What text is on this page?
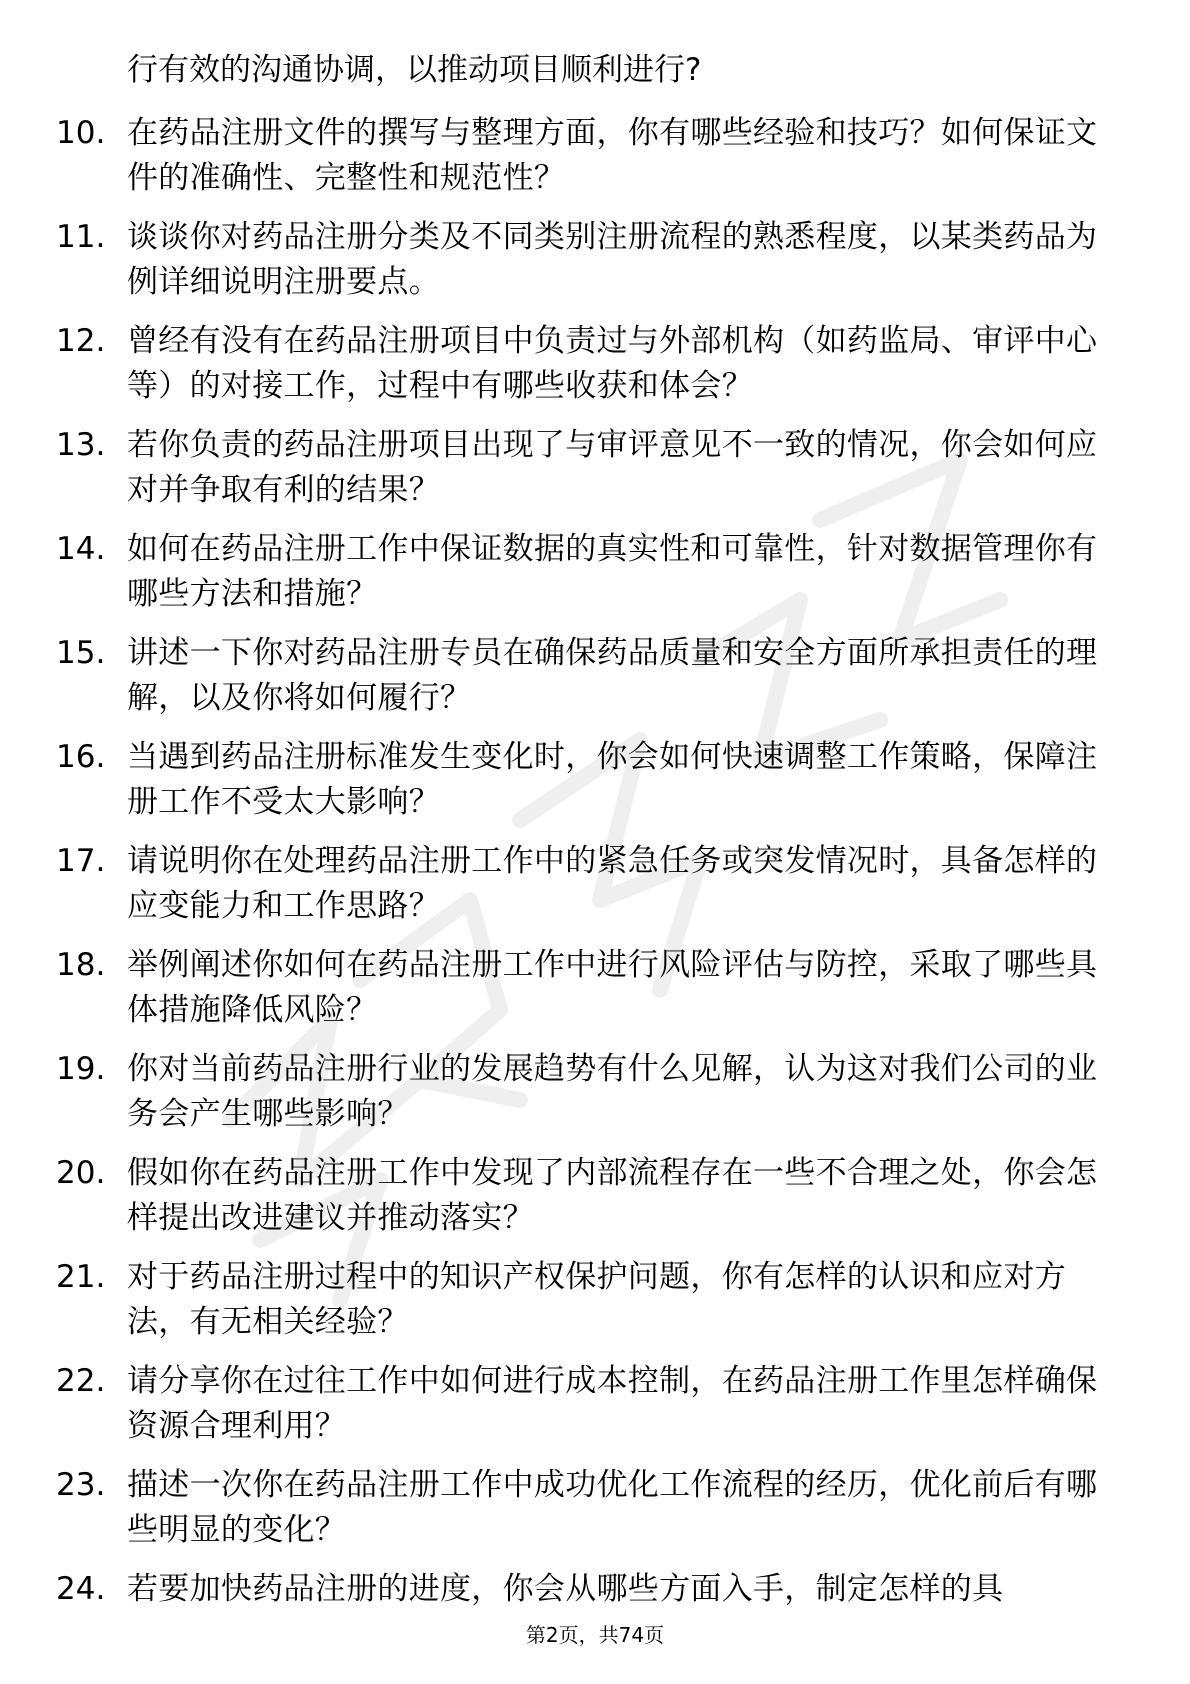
行有效的沟通协调，以推动项目顺利进行?
10. 在药品注册文件的撰写与整理方面，你有哪些经验和技巧？如何保证文件的准确性、完整性和规范性？
11. 谈谈你对药品注册分类及不同类别注册流程的熟悉程度，以某类药品为例详细说明注册要点。
12. 曾经有没有在药品注册项目中负责过与外部机构（如药监局、审评中心等）的对接工作，过程中有哪些收获和体会？
13. 若你负责的药品注册项目出现了与审评意见不一致的情况，你会如何应对并争取有利的结果？
14. 如何在药品注册工作中保证数据的真实性和可靠性，针对数据管理你有哪些方法和措施？
15. 讲述一下你对药品注册专员在确保药品质量和安全方面所承担责任的理解，以及你将如何履行？
16. 当遇到药品注册标准发生变化时，你会如何快速调整工作策略，保障注册工作不受太大影响？
17. 请说明你在处理药品注册工作中的紧急任务或突发情况时，具备怎样的应变能力和工作思路？
18. 举例阐述你如何在药品注册工作中进行风险评估与防控，采取了哪些具体措施降低风险？
19. 你对当前药品注册行业的发展趋势有什么见解，认为这对我们公司的业务会产生哪些影响？
20. 假如你在药品注册工作中发现了内部流程存在一些不合理之处，你会怎样提出改进建议并推动落实？
21. 对于药品注册过程中的知识产权保护问题，你有怎样的认识和应对方法，有无相关经验？
22. 请分享你在过往工作中如何进行成本控制，在药品注册工作里怎样确保资源合理利用？
23. 描述一次你在药品注册工作中成功优化工作流程的经历，优化前后有哪些明显的变化？
24. 若要加快药品注册的进度，你会从哪些方面入手，制定怎样的具
第2页，共74页
